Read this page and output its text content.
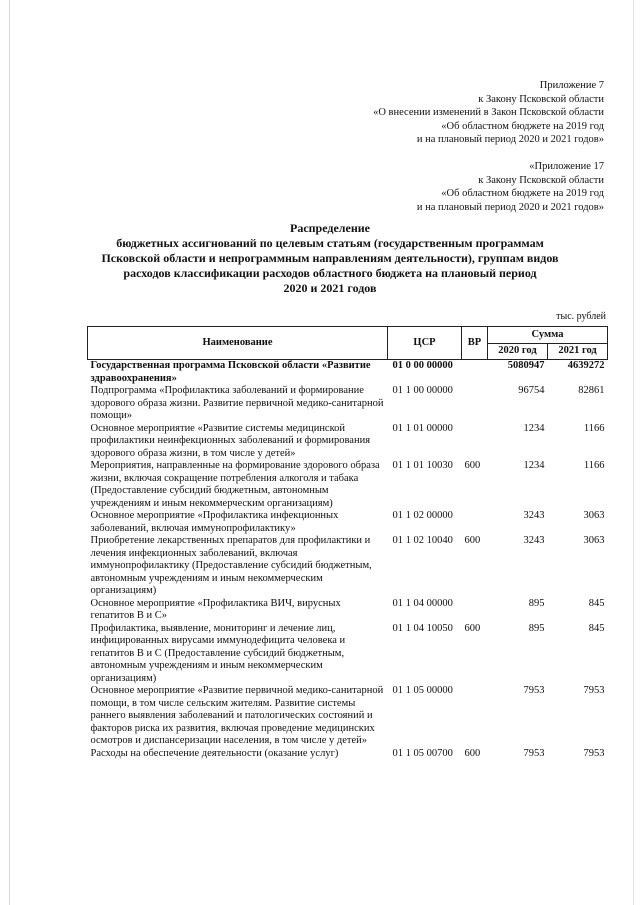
Приложение 7
к Закону Псковской области
«О внесении изменений в Закон Псковской области
«Об областном бюджете на 2019 год
и на плановый период 2020 и 2021 годов»
«Приложение 17
к Закону Псковской области
«Об областном бюджете на 2019 год
и на плановый период 2020 и 2021 годов»
Распределение
бюджетных ассигнований по целевым статьям (государственным программам
Псковской области и непрограммным направлениям деятельности), группам видов
расходов классификации расходов областного бюджета на плановый период
2020 и 2021 годов
тыс. рублей
Наименование	ЦСР	ВР	Сумма	
			2020 год	2021 год
Государственная программа Псковской области «Развитие здравоохранения»	01 0 00 00000		5080947	4639272
Подпрограмма «Профилактика заболеваний и формирование здорового образа жизни. Развитие первичной медико-санитарной помощи»	01 1 00 00000		96754	82861
Основное мероприятие «Развитие системы медицинской профилактики неинфекционных заболеваний и формирования здорового образа жизни, в том числе у детей»	01 1 01 00000		1234	1166
Мероприятия, направленные на формирование здорового образа жизни, включая сокращение потребления алкоголя и табака (Предоставление субсидий бюджетным, автономным учреждениям и иным некоммерческим организациям)	01 1 01 10030	600	1234	1166
Основное мероприятие «Профилактика инфекционных заболеваний, включая иммунопрофилактику»	01 1 02 00000		3243	3063
Приобретение лекарственных препаратов для профилактики и лечения инфекционных заболеваний, включая иммунопрофилактику (Предоставление субсидий бюджетным, автономным учреждениям и иным некоммерческим организациям)	01 1 02 10040	600	3243	3063
Основное мероприятие «Профилактика ВИЧ, вирусных гепатитов В и С»	01 1 04 00000		895	845
Профилактика, выявление, мониторинг и лечение лиц, инфицированных вирусами иммунодефицита человека и гепатитов В и С (Предоставление субсидий бюджетным, автономным учреждениям и иным некоммерческим организациям)	01 1 04 10050	600	895	845
Основное мероприятие «Развитие первичной медико-санитарной помощи, в том числе сельским жителям. Развитие системы раннего выявления заболеваний и патологических состояний и факторов риска их развития, включая проведение медицинских осмотров и диспансеризации населения, в том числе у детей»	01 1 05 00000		7953	7953
Расходы на обеспечение деятельности (оказание услуг)	01 1 05 00700	600	7953	7953
